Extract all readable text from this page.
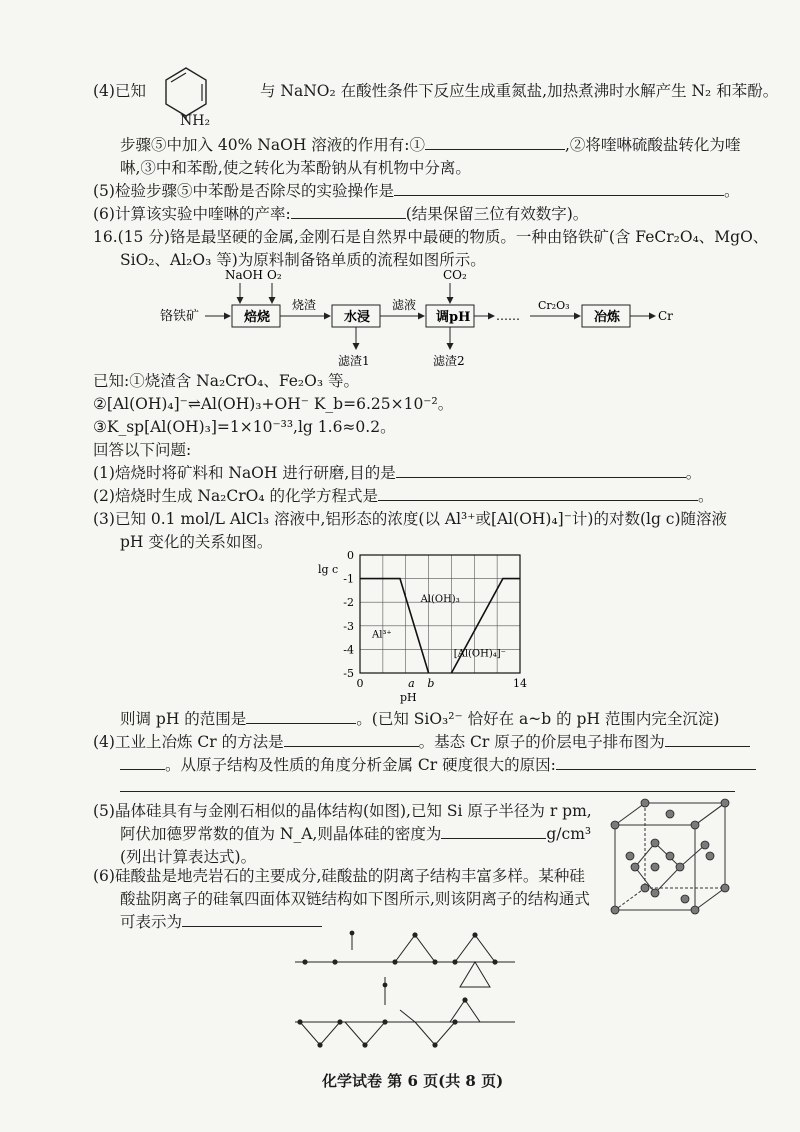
(4)已知
NH₂
与 NaNO₂ 在酸性条件下反应生成重氮盐,加热煮沸时水解产生 N₂ 和苯酚。
步骤⑤中加入 40% NaOH 溶液的作用有:①	,②将喹啉硫酸盐转化为喹
啉,③中和苯酚,使之转化为苯酚钠从有机物中分离。
(5)检验步骤⑤中苯酚是否除尽的实验操作是	。
(6)计算该实验中喹啉的产率:	(结果保留三位有效数字)。
16.(15 分)铬是最坚硬的金属,金刚石是自然界中最硬的物质。一种由铬铁矿(含 FeCr₂O₄、MgO、
SiO₂、Al₂O₃ 等)为原料制备铬单质的流程如图所示。
NaOH O₂	CO₂
铬铁矿	焙烧
烧渣
水浸
滤渣1
滤液
调pH
滤渣2
……
Cr₂O₃
冶炼	Cr
已知:①烧渣含 Na₂CrO₄、Fe₂O₃ 等。
②[Al(OH)₄]⁻⇌Al(OH)₃+OH⁻ K_b=6.25×10⁻²。
③K_sp[Al(OH)₃]=1×10⁻³³,lg 1.6≈0.2。
回答以下问题:
(1)焙烧时将矿料和 NaOH 进行研磨,目的是	。
(2)焙烧时生成 Na₂CrO₄ 的化学方程式是	。
(3)已知 0.1 mol/L AlCl₃ 溶液中,铝形态的浓度(以 Al³⁺或[Al(OH)₄]⁻计)的对数(lg c)随溶液
pH 变化的关系如图。
lg c
0
-1
-2
-3
-4
-5
0	a b	14
pH
Al³⁺
Al(OH)₃
[Al(OH)₄]⁻
则调 pH 的范围是	。(已知 SiO₃²⁻ 恰好在 a~b 的 pH 范围内完全沉淀)
(4)工业上冶炼 Cr 的方法是	。基态 Cr 原子的价层电子排布图为
。从原子结构及性质的角度分析金属 Cr 硬度很大的原因:
(5)晶体硅具有与金刚石相似的晶体结构(如图),已知 Si 原子半径为 r pm,
阿伏加德罗常数的值为 N_A,则晶体硅的密度为	g/cm³
(列出计算表达式)。
(6)硅酸盐是地壳岩石的主要成分,硅酸盐的阴离子结构丰富多样。某种硅
酸盐阴离子的硅氧四面体双链结构如下图所示,则该阴离子的结构通式
可表示为
化学试卷 第 6 页(共 8 页)
